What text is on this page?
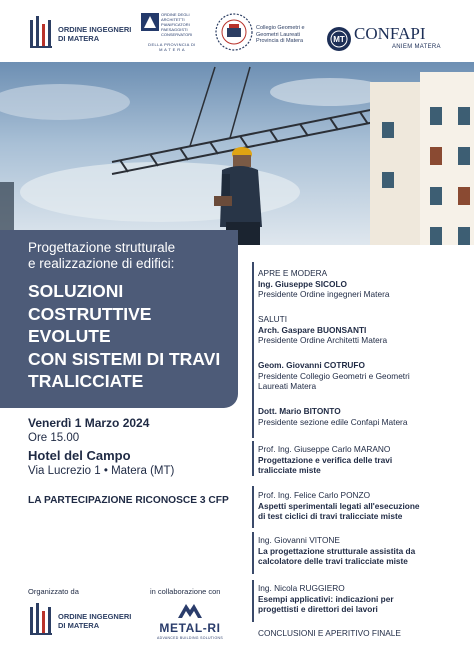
ORDINE INGEGNERI
DI MATERA
ORDINE DEGLI
ARCHITETTI
PIANIFICATORI
PAESAGGISTI
CONSERVATORI
DELLA PROVINCIA DI
M A T E R A
Collegio Geometri e
Geometri Laureati
Provincia di Matera	MT CONFAPI
ANIEM MATERA
Progettazione strutturale
e realizzazione di edifici:
SOLUZIONI
COSTRUTTIVE
EVOLUTE
CON SISTEMI DI TRAVI
TRALICCIATE
Venerdì 1 Marzo 2024
Ore 15.00
Hotel del Campo
Via Lucrezio 1 • Matera (MT)
LA PARTECIPAZIONE RICONOSCE 3 CFP
APRE E MODERA
Ing. Giuseppe SICOLO
Presidente Ordine ingegneri Matera
SALUTI
Arch. Gaspare BUONSANTI
Presidente Ordine Architetti Matera
Geom. Giovanni COTRUFO
Presidente Collegio Geometri e Geometri
Laureati Matera
Dott. Mario BITONTO
Presidente sezione edile Confapi Matera
Prof. Ing. Giuseppe Carlo MARANO
Progettazione e verifica delle travi
tralicciate miste
Prof. Ing. Felice Carlo PONZO
Aspetti sperimentali legati all'esecuzione
di test ciclici di travi tralicciate miste
Ing. Giovanni VITONE
La progettazione strutturale assistita da
calcolatore delle travi tralicciate miste
Ing. Nicola RUGGIERO
Esempi applicativi: indicazioni per
progettisti e direttori dei lavori
CONCLUSIONI E APERITIVO FINALE
Organizzato da	in collaborazione con
ORDINE INGEGNERI
DI MATERA	METAL-RI
ADVANCED BUILDING SOLUTIONS
